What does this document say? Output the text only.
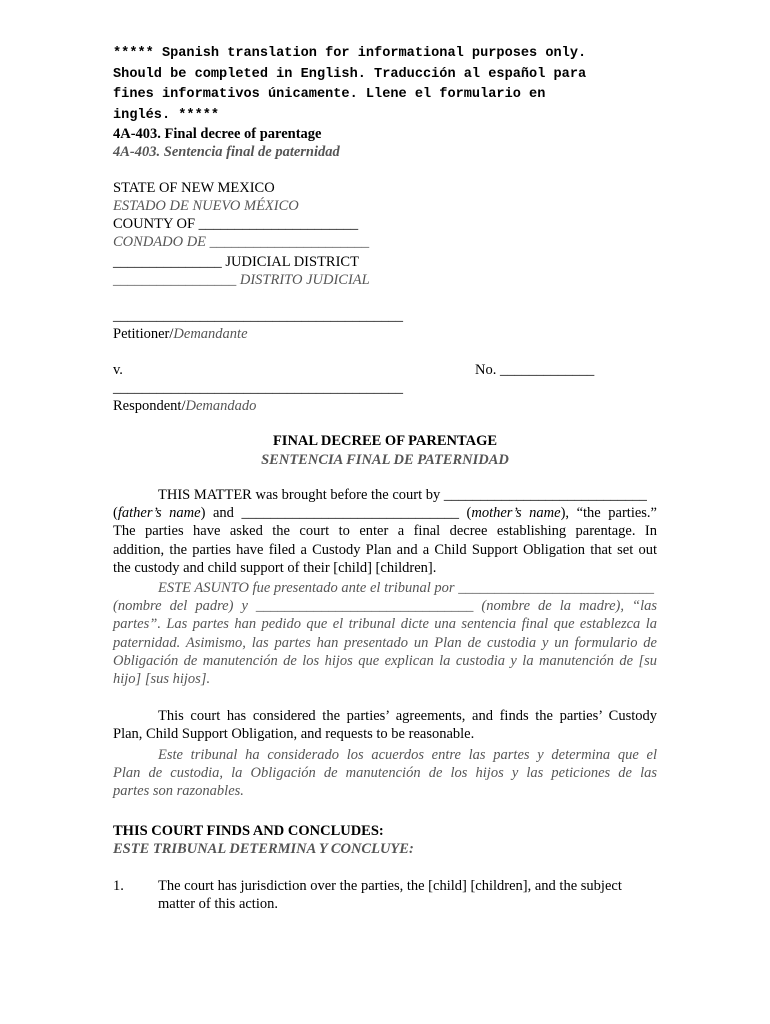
***** Spanish translation for informational purposes only.
Should be completed in English. Traducción al español para
fines informativos únicamente. Llene el formulario en
inglés. *****
4A-403. Final decree of parentage
4A-403. Sentencia final de paternidad
STATE OF NEW MEXICO
ESTADO DE NUEVO MÉXICO
COUNTY OF ______________________
CONDADO DE ______________________
_______________ JUDICIAL DISTRICT
_________________ DISTRITO JUDICIAL
________________________________________
Petitioner/Demandante
v.	No. _____________
________________________________________
Respondent/Demandado
FINAL DECREE OF PARENTAGE
SENTENCIA FINAL DE PATERNIDAD
THIS MATTER was brought before the court by ____________________________
(father’s name) and ______________________________ (mother’s name), “the parties.”
The parties have asked the court to enter a final decree establishing parentage. In
addition, the parties have filed a Custody Plan and a Child Support Obligation that set out
the custody and child support of their [child] [children].
ESTE ASUNTO fue presentado ante el tribunal por ___________________________
(nombre del padre) y ______________________________ (nombre de la madre), “las
partes”. Las partes han pedido que el tribunal dicte una sentencia final que establezca la
paternidad. Asimismo, las partes han presentado un Plan de custodia y un formulario de
Obligación de manutención de los hijos que explican la custodia y la manutención de [su
hijo] [sus hijos].
This court has considered the parties’ agreements, and finds the parties’ Custody
Plan, Child Support Obligation, and requests to be reasonable.
Este tribunal ha considerado los acuerdos entre las partes y determina que el
Plan de custodia, la Obligación de manutención de los hijos y las peticiones de las
partes son razonables.
THIS COURT FINDS AND CONCLUDES:
ESTE TRIBUNAL DETERMINA Y CONCLUYE:
1. The court has jurisdiction over the parties, the [child] [children], and the subject
matter of this action.
